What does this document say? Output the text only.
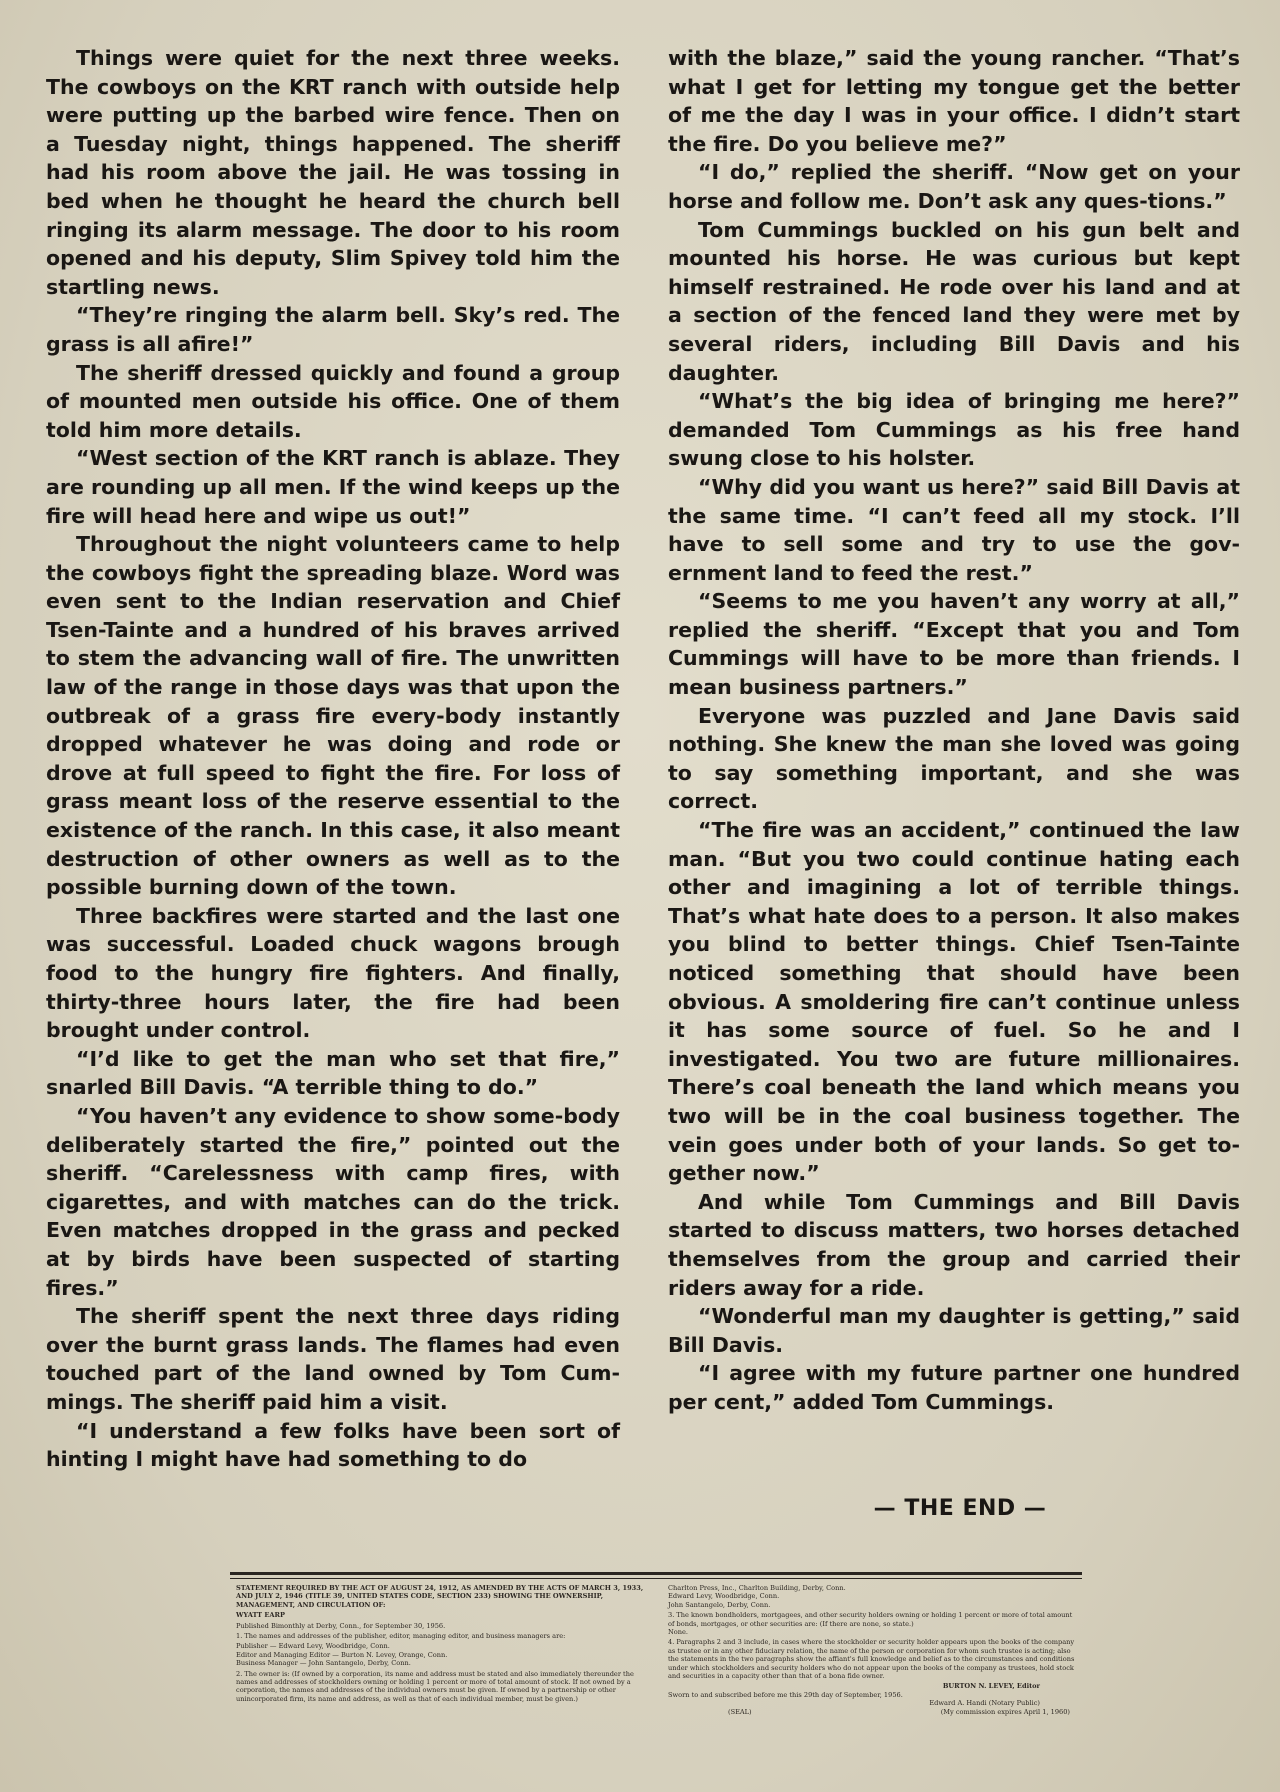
Things were quiet for the next three weeks. The cowboys on the KRT ranch with outside help were putting up the barbed wire fence. Then on a Tuesday night, things happened. The sheriff had his room above the jail. He was tossing in bed when he thought he heard the church bell ringing its alarm message. The door to his room opened and his deputy, Slim Spivey told him the startling news.

“They’re ringing the alarm bell. Sky’s red. The grass is all afire!”

The sheriff dressed quickly and found a group of mounted men outside his office. One of them told him more details.

“West section of the KRT ranch is ablaze. They are rounding up all men. If the wind keeps up the fire will head here and wipe us out!”

Throughout the night volunteers came to help the cowboys fight the spreading blaze. Word was even sent to the Indian reservation and Chief Tsen-Tainte and a hundred of his braves arrived to stem the advancing wall of fire. The unwritten law of the range in those days was that upon the outbreak of a grass fire every-body instantly dropped whatever he was doing and rode or drove at full speed to fight the fire. For loss of grass meant loss of the reserve essential to the existence of the ranch. In this case, it also meant destruction of other owners as well as to the possible burning down of the town.

Three backfires were started and the last one was successful. Loaded chuck wagons brough food to the hungry fire fighters. And finally, thirty-three hours later, the fire had been brought under control.

“I’d like to get the man who set that fire,” snarled Bill Davis. “A terrible thing to do.”

“You haven’t any evidence to show some-body deliberately started the fire,” pointed out the sheriff. “Carelessness with camp fires, with cigarettes, and with matches can do the trick. Even matches dropped in the grass and pecked at by birds have been suspected of starting fires.”

The sheriff spent the next three days riding over the burnt grass lands. The flames had even touched part of the land owned by Tom Cum-mings. The sheriff paid him a visit.

“I understand a few folks have been sort of hinting I might have had something to do

with the blaze,” said the young rancher. “That’s what I get for letting my tongue get the better of me the day I was in your office. I didn’t start the fire. Do you believe me?”

“I do,” replied the sheriff. “Now get on your horse and follow me. Don’t ask any ques-tions.”

Tom Cummings buckled on his gun belt and mounted his horse. He was curious but kept himself restrained. He rode over his land and at a section of the fenced land they were met by several riders, including Bill Davis and his daughter.

“What’s the big idea of bringing me here?” demanded Tom Cummings as his free hand swung close to his holster.

“Why did you want us here?” said Bill Davis at the same time. “I can’t feed all my stock. I’ll have to sell some and try to use the gov-ernment land to feed the rest.”

“Seems to me you haven’t any worry at all,” replied the sheriff. “Except that you and Tom Cummings will have to be more than friends. I mean business partners.”

Everyone was puzzled and Jane Davis said nothing. She knew the man she loved was going to say something important, and she was correct.

“The fire was an accident,” continued the law man. “But you two could continue hating each other and imagining a lot of terrible things. That’s what hate does to a person. It also makes you blind to better things. Chief Tsen-Tainte noticed something that should have been obvious. A smoldering fire can’t continue unless it has some source of fuel. So he and I investigated. You two are future millionaires. There’s coal beneath the land which means you two will be in the coal business together. The vein goes under both of your lands. So get to-gether now.”

And while Tom Cummings and Bill Davis started to discuss matters, two horses detached themselves from the group and carried their riders away for a ride.

“Wonderful man my daughter is getting,” said Bill Davis.

“I agree with my future partner one hundred per cent,” added Tom Cummings.

— THE END —

STATEMENT REQUIRED BY THE ACT OF AUGUST 24, 1912, AS AMENDED BY THE ACTS OF MARCH 3, 1933, AND JULY 2, 1946 (TITLE 39, UNITED STATES CODE, SECTION 233) SHOWING THE OWNERSHIP, MANAGEMENT, AND CIRCULATION OF:

WYATT EARP

Published Bimonthly at Derby, Conn., for September 30, 1956.

1. The names and addresses of the publisher, editor, managing editor, and business managers are:

Publisher — Edward Levy, Woodbridge, Conn.

Editor and Managing Editor — Burton N. Levey, Orange, Conn.

Business Manager — John Santangelo, Derby, Conn.

2. The owner is: (If owned by a corporation, its name and address must be stated and also immediately thereunder the names and addresses of stockholders owning or holding 1 percent or more of total amount of stock. If not owned by a corporation, the names and addresses of the individual owners must be given. If owned by a partnership or other unincorporated firm, its name and address, as well as that of each individual member, must be given.)

Charlton Press, Inc., Charlton Building, Derby, Conn.

Edward Levy, Woodbridge, Conn.

John Santangelo, Derby, Conn.

3. The known bondholders, mortgagees, and other security holders owning or holding 1 percent or more of total amount of bonds, mortgages, or other securities are: (If there are none, so state.)

None.

4. Paragraphs 2 and 3 include, in cases where the stockholder or security holder appears upon the books of the company as trustee or in any other fiduciary relation, the name of the person or corporation for whom such trustee is acting; also the statements in the two paragraphs show the affiant's full knowledge and belief as to the circumstances and conditions under which stockholders and security holders who do not appear upon the books of the company as trustees, hold stock and securities in a capacity other than that of a bona fide owner.

BURTON N. LEVEY, Editor

Sworn to and subscribed before me this 29th day of September, 1956.

Edward A. Handi (Notary Public)

(SEAL)	(My commission expires April 1, 1960)
